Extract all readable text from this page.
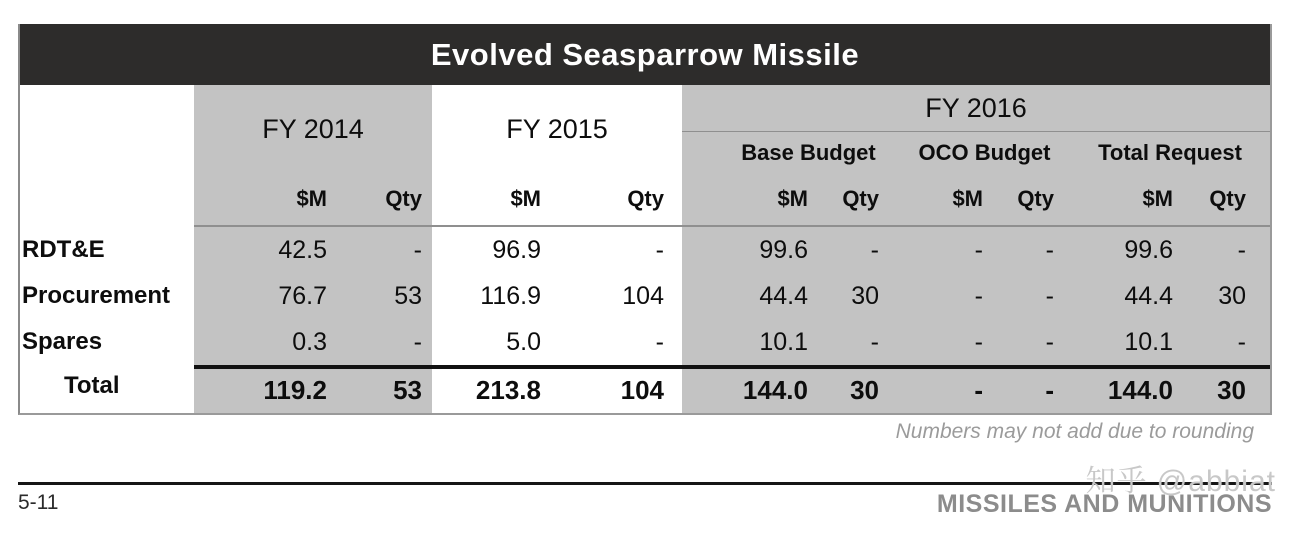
Evolved Seasparrow Missile
FY 2014	FY 2015
FY 2016
Base Budget	OCO Budget	Total Request
$M	Qty	$M	Qty	$M	Qty	$M	Qty	$M	Qty
RDT&E	42.5	-	96.9	-	99.6	-	-	-	99.6	-
Procurement	76.7	53	116.9	104	44.4	30	-	-	44.4	30
Spares	0.3	-	5.0	-	10.1	-	-	-	10.1	-
Total	119.2	53	213.8	104	144.0	30	-	-	144.0	30
Numbers may not add due to rounding
5-11	MISSILES AND MUNITIONS
知乎 @abbiat
